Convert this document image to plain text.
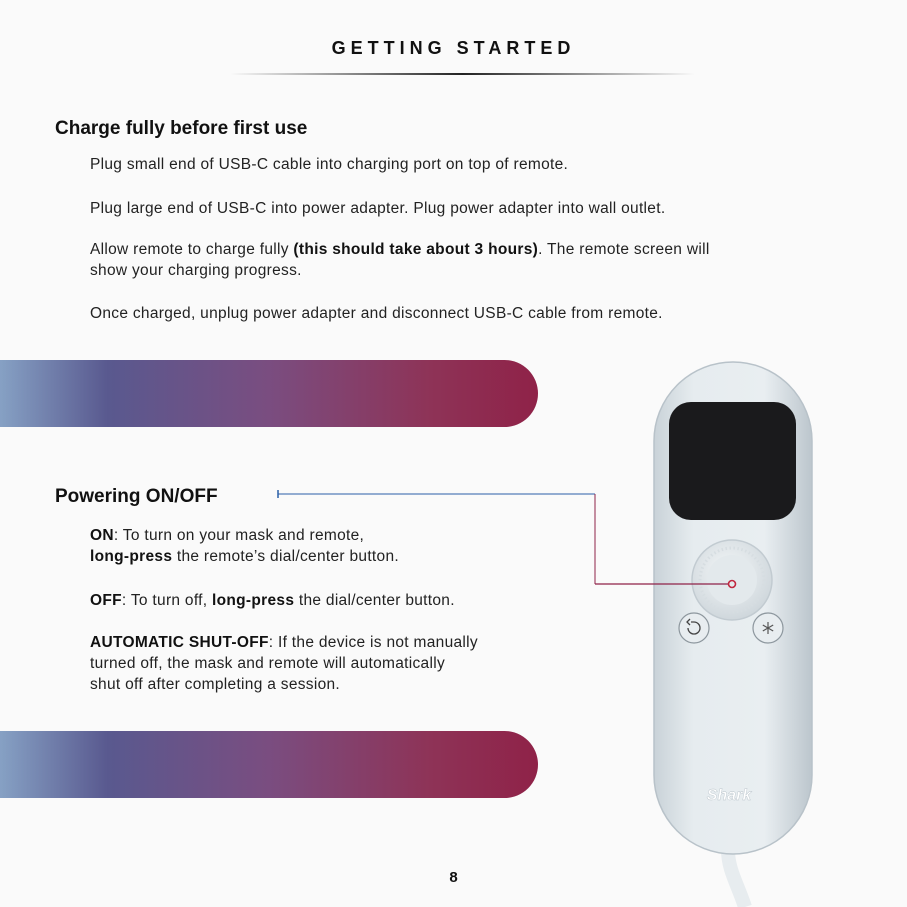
GETTING STARTED
Charge fully before first use

Plug small end of USB-C cable into charging port on top of remote.

Plug large end of USB-C into power adapter. Plug power adapter into wall outlet.

Allow remote to charge fully (this should take about 3 hours). The remote screen will
show your charging progress.

Once charged, unplug power adapter and disconnect USB-C cable from remote.

Powering ON/OFF

ON: To turn on your mask and remote,
long-press the remote’s dial/center button.

OFF: To turn off, long-press the dial/center button.

AUTOMATIC SHUT-OFF: If the device is not manually
turned off, the mask and remote will automatically
shut off after completing a session.

Shark
8
